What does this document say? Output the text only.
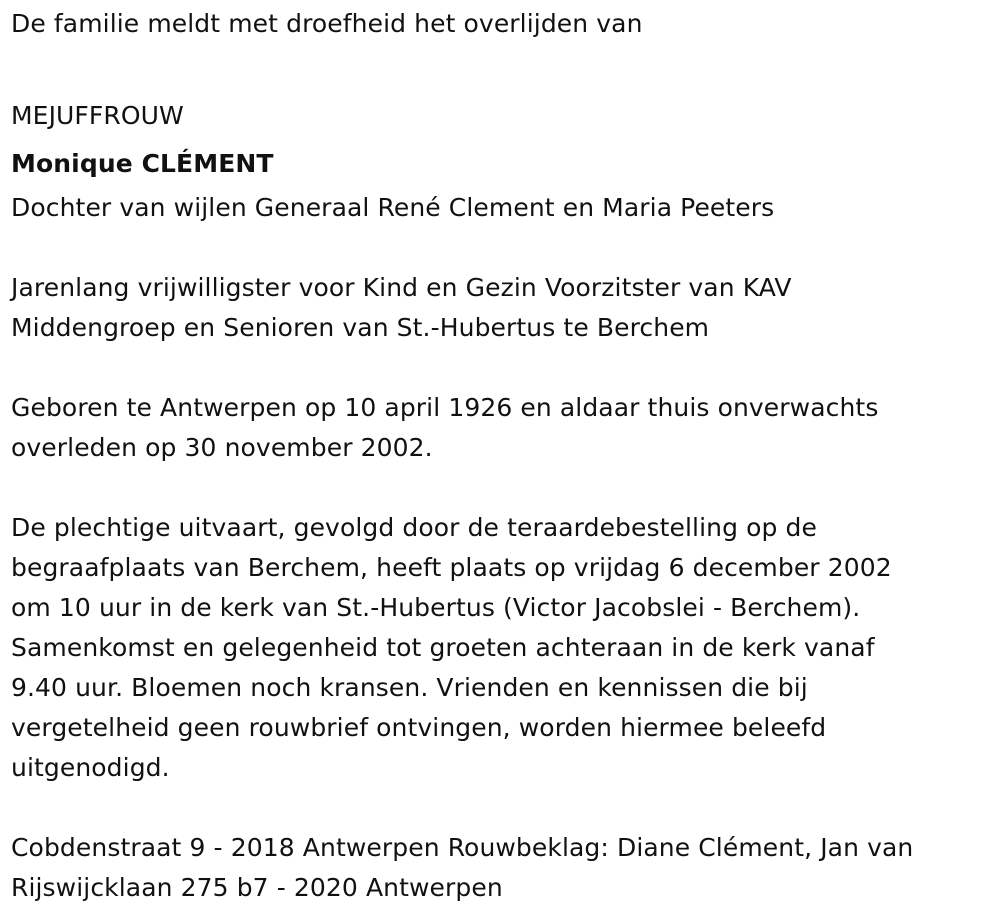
De familie meldt met droefheid het overlijden van
MEJUFFROUW
Monique CLÉMENT
Dochter van wijlen Generaal René Clement en Maria Peeters
Jarenlang vrijwilligster voor Kind en Gezin Voorzitster van KAV
Middengroep en Senioren van St.-Hubertus te Berchem
Geboren te Antwerpen op 10 april 1926 en aldaar thuis onverwachts
overleden op 30 november 2002.
De plechtige uitvaart, gevolgd door de teraardebestelling op de
begraafplaats van Berchem, heeft plaats op vrijdag 6 december 2002
om 10 uur in de kerk van St.-Hubertus (Victor Jacobslei - Berchem).
Samenkomst en gelegenheid tot groeten achteraan in de kerk vanaf
9.40 uur. Bloemen noch kransen. Vrienden en kennissen die bij
vergetelheid geen rouwbrief ontvingen, worden hiermee beleefd
uitgenodigd.
Cobdenstraat 9 - 2018 Antwerpen Rouwbeklag: Diane Clément, Jan van
Rijswijcklaan 275 b7 - 2020 Antwerpen
